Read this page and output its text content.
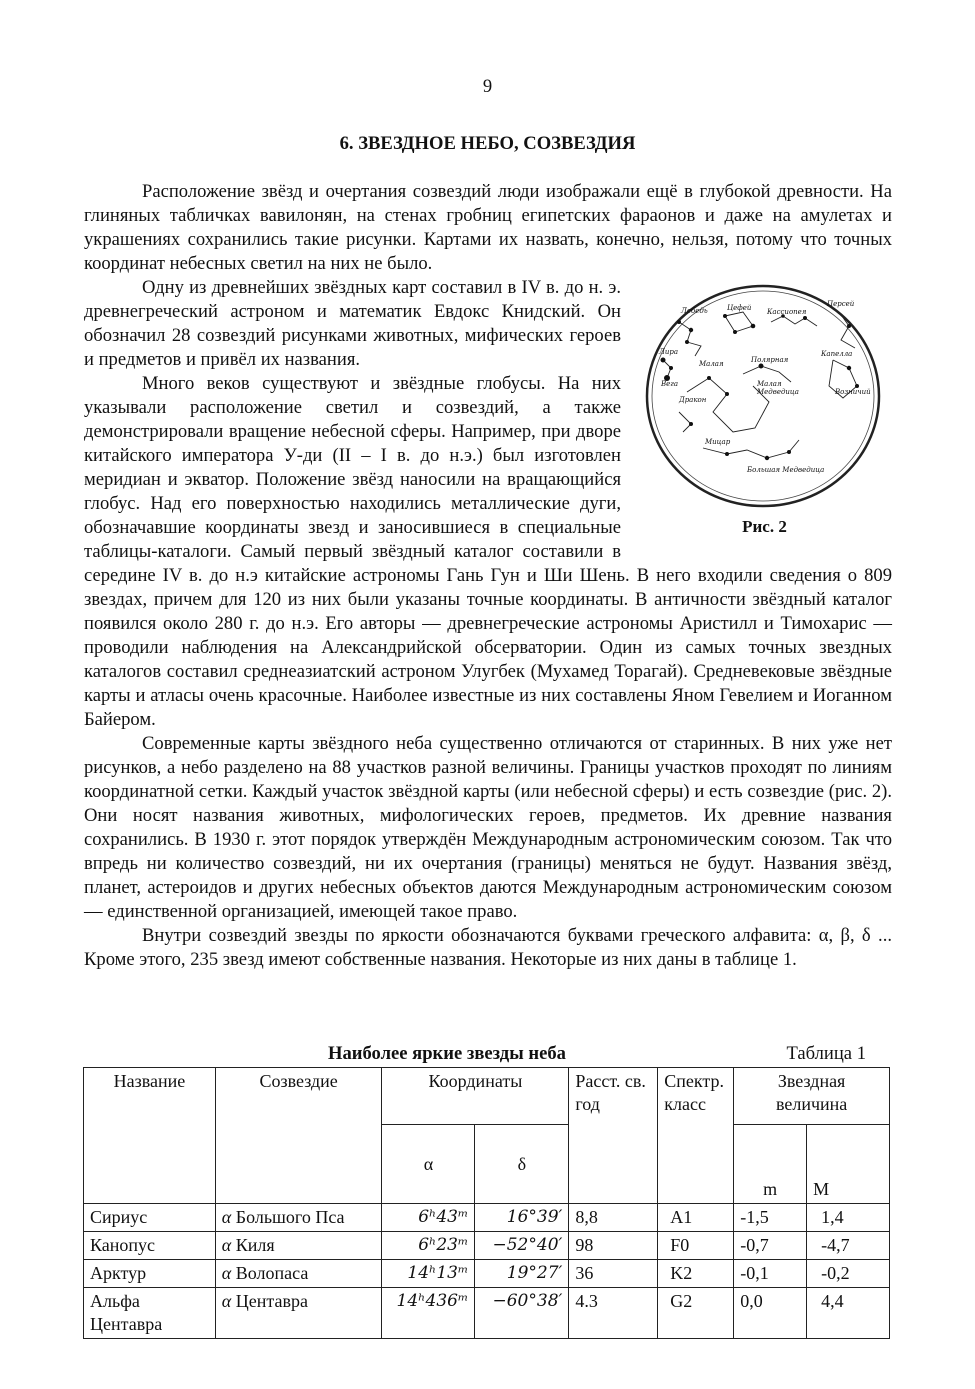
9
6. ЗВЕЗДНОЕ НЕБО, СОЗВЕЗДИЯ

Расположение звёзд и очертания созвездий люди изображали ещё в глубокой древности. На глиняных табличках вавилонян, на стенах гробниц египетских фараонов и даже на амулетах и украшениях сохранились такие рисунки. Картами их назвать, конечно, нельзя, потому что точных координат небесных светил на них не было.

Лебедь	Цефей Кассиопея
Персей
Лира
Малая
Капелла
Возничий
Дракон
Вега
Полярная
Малая
Медведица
Мицар
Большая Медведица
Рис. 2

Одну из древнейших звёздных карт составил в IV в. до н. э. древнегреческий астроном и математик Евдокс Книдский. Он обозначил 28 созвездий рисунками животных, мифических героев и предметов и привёл их названия.

Много веков существуют и звёздные глобусы. На них указывали расположение светил и созвездий, а также демонстрировали вращение небесной сферы. Например, при дворе китайского императора У-ди (II – I в. до н.э.) был изготовлен меридиан и экватор. Положение звёзд наносили на вращающийся глобус. Над его поверхностью находились металлические дуги, обозначавшие координаты звезд и заносившиеся в специальные таблицы-каталоги. Самый первый звёздный каталог составили в середине IV в. до н.э китайские астрономы Гань Гун и Ши Шень. В него входили сведения о 809 звездах, причем для 120 из них были указаны точные координаты. В античности звёздный каталог появился около 280 г. до н.э. Его авторы — древнегреческие астрономы Аристилл и Тимохарис — проводили наблюдения на Александрийской обсерватории. Один из самых точных звездных каталогов составил среднеазиатский астроном Улугбек (Мухамед Торагай). Средневековые звёздные карты и атласы очень красочные. Наиболее известные из них составлены Яном Гевелием и Иоганном Байером.

Современные карты звёздного неба существенно отличаются от старинных. В них уже нет рисунков, а небо разделено на 88 участков разной величины. Границы участков проходят по линиям координатной сетки. Каждый участок звёздной карты (или небесной сферы) и есть созвездие (рис. 2). Они носят названия животных, мифологических героев, предметов. Их древние названия сохранились. В 1930 г. этот порядок утверждён Международным астрономическим союзом. Так что впредь ни количество созвездий, ни их очертания (границы) меняться не будут. Названия звёзд, планет, астероидов и других небесных объектов даются Международным астрономическим союзом — единственной организацией, имеющей такое право.

Внутри созвездий звезды по яркости обозначаются буквами греческого алфавита: α, β, δ ... Кроме этого, 235 звезд имеют собственные названия. Некоторые из них даны в таблице 1.

Наиболее яркие звезды неба	Таблица 1
Название	Созвездие	Координаты		Расст. св. год	Спектр. класс	Звездная величина	
		α	δ				
						m	M
Сириус	α Большого Пса	6ʰ43ᵐ	16°39′	8,8	A1	-1,5	1,4
Канопус	α Киля	6ʰ23ᵐ	−52°40′	98	F0	-0,7	-4,7
Арктур	α Волопаса	14ʰ13ᵐ	19°27′	36	K2	-0,1	-0,2
Альфа Центавра	α Центавра	14ʰ436ᵐ	−60°38′	4.3	G2	0,0	4,4
